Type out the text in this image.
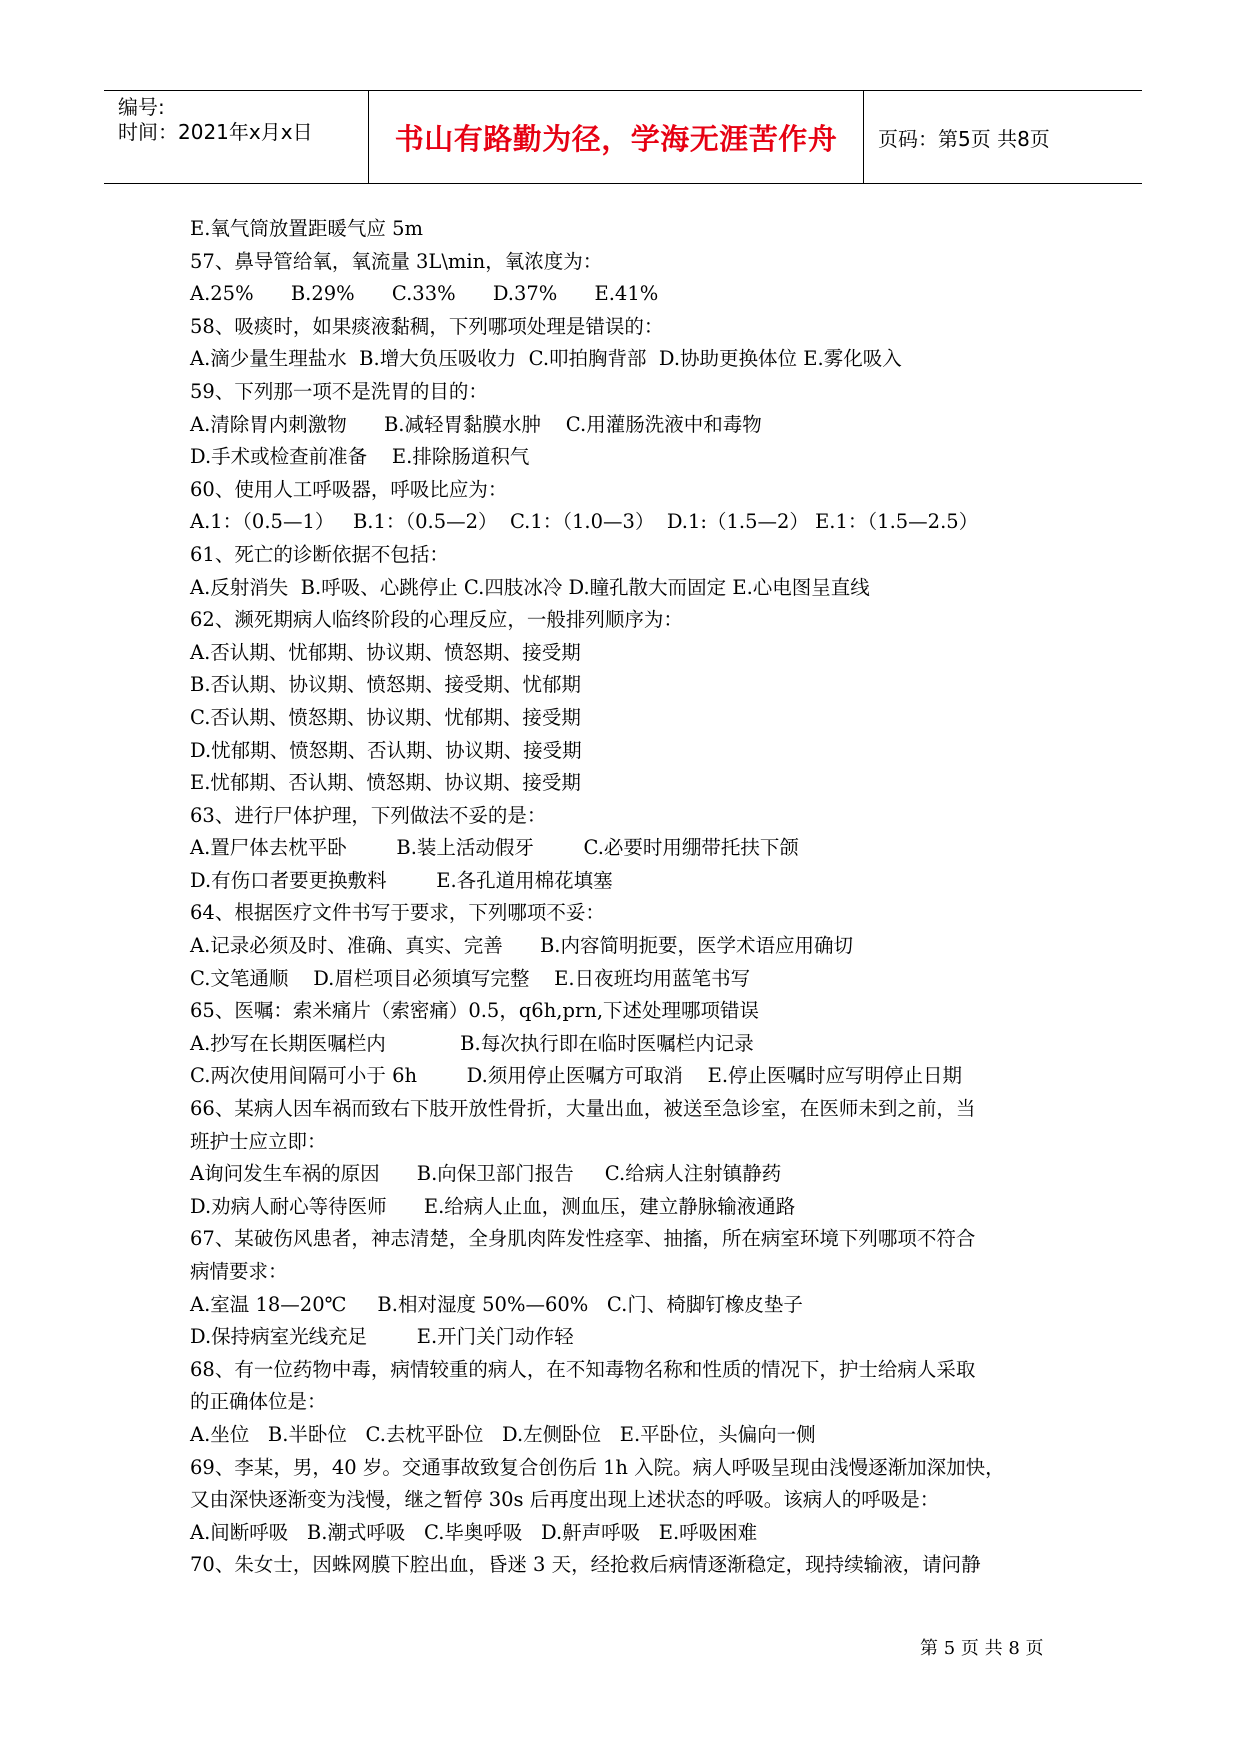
编号:
时间：2021年x月x日	书山有路勤为径，学海无涯苦作舟 页码：第5页 共8页
E.氧气筒放置距暖气应 5m
57、鼻导管给氧，氧流量 3L\min，氧浓度为：
A.25%      B.29%      C.33%      D.37%      E.41%
58、吸痰时，如果痰液黏稠，下列哪项处理是错误的：
A.滴少量生理盐水  B.增大负压吸收力  C.叩拍胸背部  D.协助更换体位 E.雾化吸入
59、下列那一项不是洗胃的目的：
A.清除胃内刺激物      B.减轻胃黏膜水肿    C.用灌肠洗液中和毒物
D.手术或检查前准备    E.排除肠道积气
60、使用人工呼吸器，呼吸比应为：
A.1：（0.5—1）   B.1：（0.5—2）  C.1：（1.0—3）  D.1:（1.5—2） E.1：（1.5—2.5）
61、死亡的诊断依据不包括：
A.反射消失  B.呼吸、心跳停止 C.四肢冰冷 D.瞳孔散大而固定 E.心电图呈直线
62、濒死期病人临终阶段的心理反应，一般排列顺序为：
A.否认期、忧郁期、协议期、愤怒期、接受期
B.否认期、协议期、愤怒期、接受期、忧郁期
C.否认期、愤怒期、协议期、忧郁期、接受期
D.忧郁期、愤怒期、否认期、协议期、接受期
E.忧郁期、否认期、愤怒期、协议期、接受期
63、进行尸体护理，下列做法不妥的是：
A.置尸体去枕平卧        B.装上活动假牙        C.必要时用绷带托扶下颌
D.有伤口者要更换敷料        E.各孔道用棉花填塞
64、根据医疗文件书写于要求，下列哪项不妥：
A.记录必须及时、准确、真实、完善      B.内容简明扼要，医学术语应用确切
C.文笔通顺    D.眉栏项目必须填写完整    E.日夜班均用蓝笔书写
65、医嘱：索米痛片（索密痛）0.5，q6h,prn,下述处理哪项错误
A.抄写在长期医嘱栏内            B.每次执行即在临时医嘱栏内记录
C.两次使用间隔可小于 6h        D.须用停止医嘱方可取消    E.停止医嘱时应写明停止日期
66、某病人因车祸而致右下肢开放性骨折，大量出血，被送至急诊室，在医师未到之前，当
班护士应立即：
A询问发生车祸的原因      B.向保卫部门报告     C.给病人注射镇静药
D.劝病人耐心等待医师      E.给病人止血，测血压，建立静脉输液通路
67、某破伤风患者，神志清楚，全身肌肉阵发性痉挛、抽搐，所在病室环境下列哪项不符合
病情要求：
A.室温 18—20℃     B.相对湿度 50%—60%   C.门、椅脚钉橡皮垫子
D.保持病室光线充足        E.开门关门动作轻
68、有一位药物中毒，病情较重的病人，在不知毒物名称和性质的情况下，护士给病人采取
的正确体位是：
A.坐位   B.半卧位   C.去枕平卧位   D.左侧卧位   E.平卧位，头偏向一侧
69、李某，男，40 岁。交通事故致复合创伤后 1h 入院。病人呼吸呈现由浅慢逐渐加深加快，
又由深快逐渐变为浅慢，继之暂停 30s 后再度出现上述状态的呼吸。该病人的呼吸是：
A.间断呼吸   B.潮式呼吸   C.毕奥呼吸   D.鼾声呼吸   E.呼吸困难
70、朱女士，因蛛网膜下腔出血，昏迷 3 天，经抢救后病情逐渐稳定，现持续输液，请问静
第 5 页 共 8 页
